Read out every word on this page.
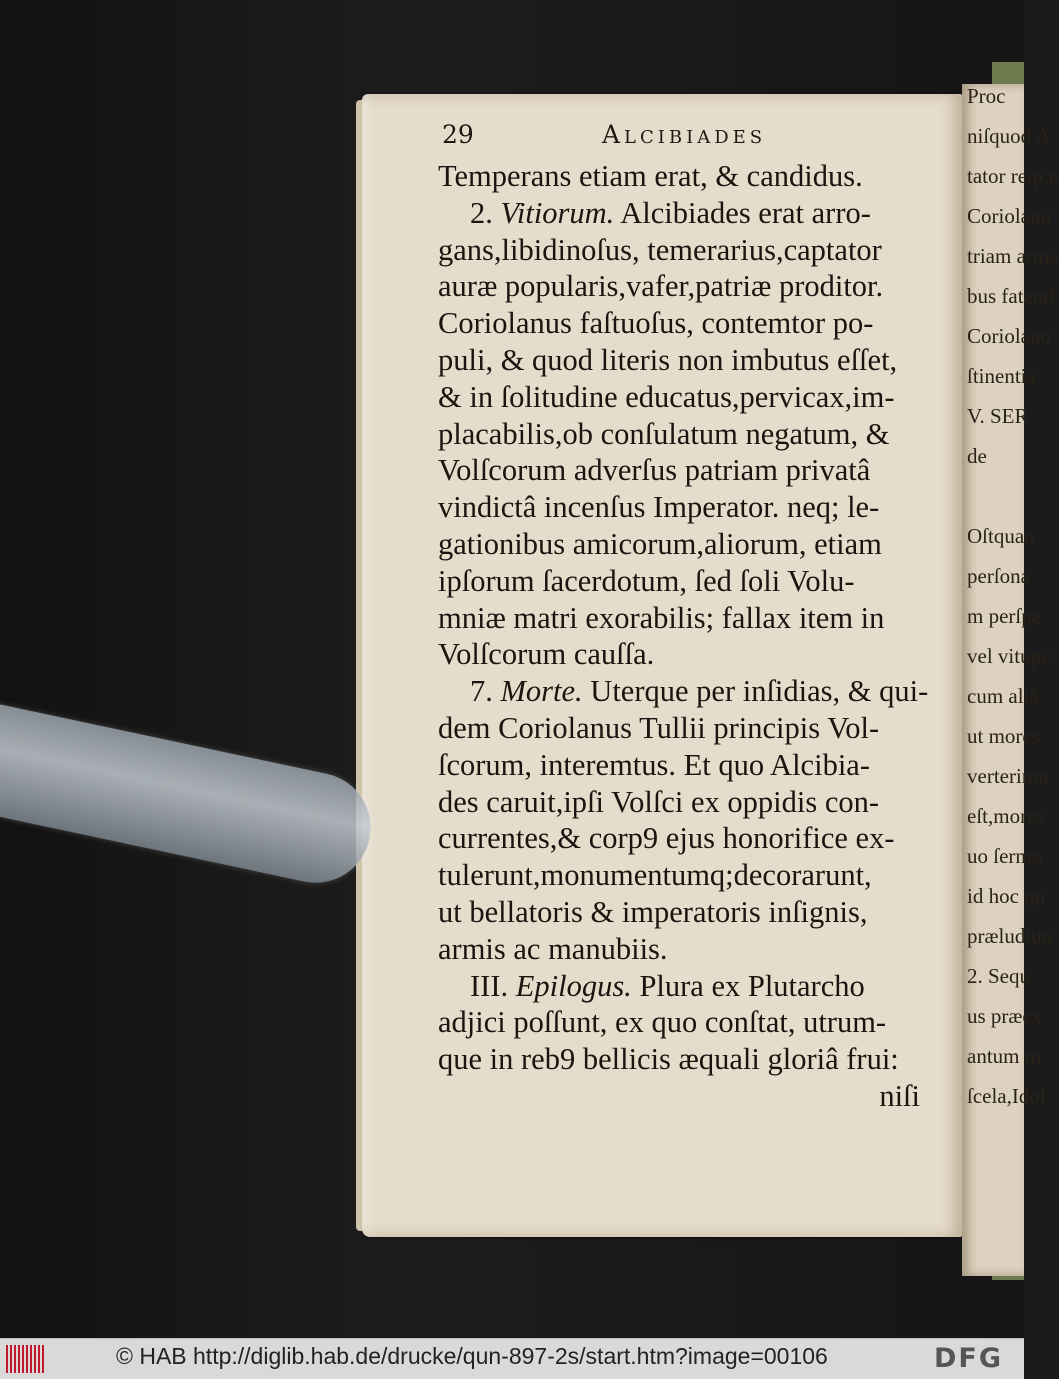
29	Alcibiades
Temperans etiam erat, & candidus.
2. Vitiorum. Alcibiades erat arro-
gans,libidinoſus, temerarius,captator
auræ popularis,vafer,patriæ proditor.
Coriolanus faſtuoſus, contemtor po-
puli, & quod literis non imbutus eſſet,
& in ſolitudine educatus,pervicax,im-
placabilis,ob conſulatum negatum, &
Volſcorum adverſus patriam privatâ
vindictâ incenſus Imperator. neq; le-
gationibus amicorum,aliorum, etiam
ipſorum ſacerdotum, ſed ſoli Volu-
mniæ matri exorabilis; fallax item in
Volſcorum cauſſa.
7. Morte. Uterque per inſidias, & qui-
dem Coriolanus Tullii principis Vol-
ſcorum, interemtus. Et quo Alcibia-
des caruit,ipſi Volſci ex oppidis con-
currentes,& corp9 ejus honorifice ex-
tulerunt,monumentumq;decorarunt,
ut bellatoris & imperatoris inſignis,
armis ac manubiis.
III. Epilogus. Plura ex Plutarcho
adjici poſſunt, ex quo conſtat, utrum-
que in reb9 bellicis æquali gloriâ frui:
niſi
Proc
niſquod A
tator reip.e
Coriolanu
triam arma
bus fatend
Coriolano
ſtinentia
V. SER
de
Oſtquan
perſona
m perſpe
vel vitupe
cum aliâ
ut mores
verterimu
eſt,mores
uo ſermo
id hoc qu
præludiun
2. Sequ
us præex
antum m
ſcela,Idol
© HAB http://diglib.hab.de/drucke/qun-897-2s/start.htm?image=00106	DFG
